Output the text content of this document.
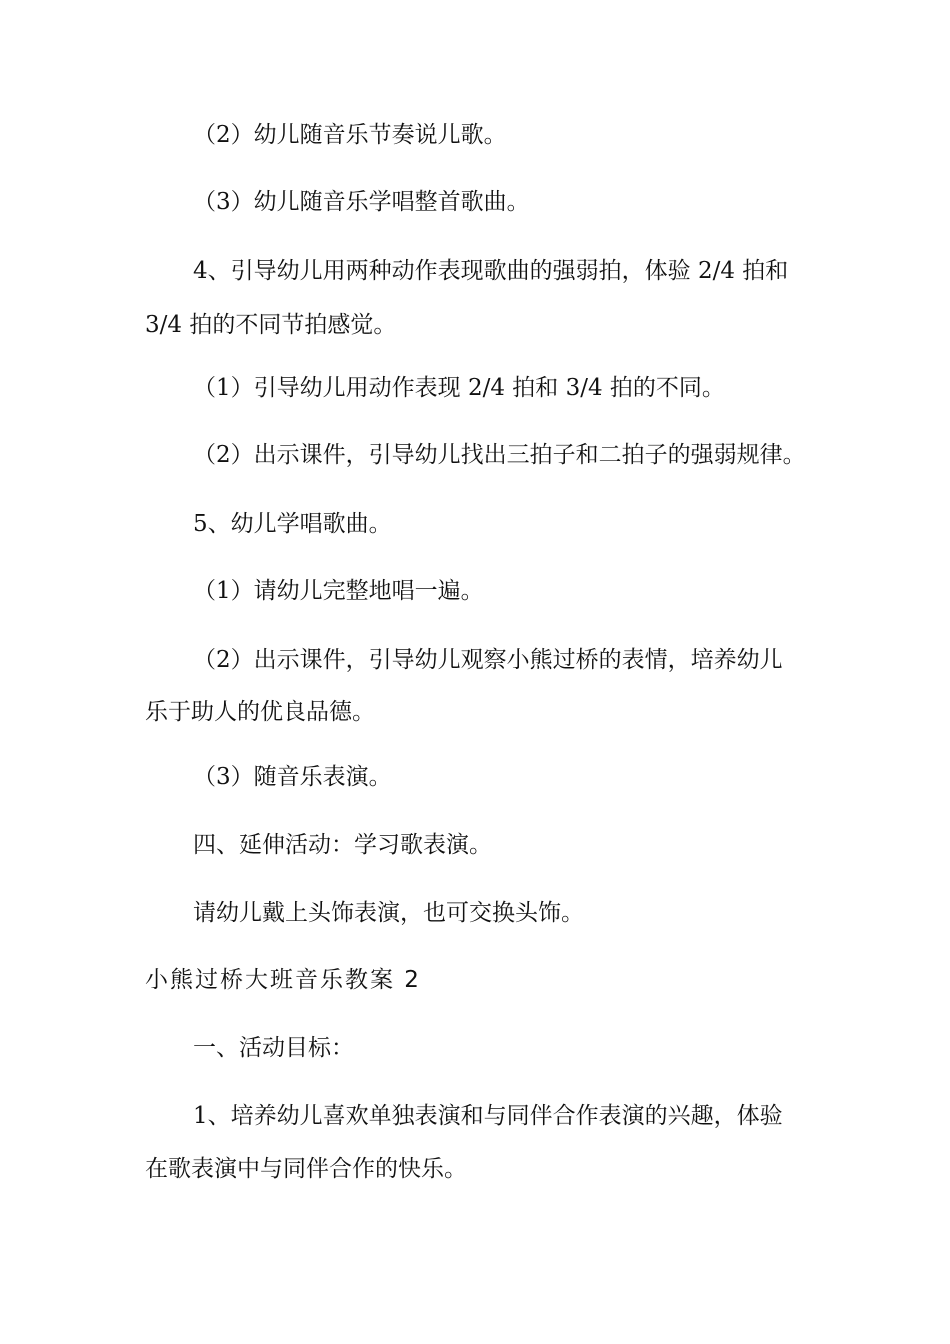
（2）幼儿随音乐节奏说儿歌。
（3）幼儿随音乐学唱整首歌曲。
4、引导幼儿用两种动作表现歌曲的强弱拍，体验 2/4 拍和
3/4 拍的不同节拍感觉。
（1）引导幼儿用动作表现 2/4 拍和 3/4 拍的不同。
（2）出示课件，引导幼儿找出三拍子和二拍子的强弱规律。
5、幼儿学唱歌曲。
（1）请幼儿完整地唱一遍。
（2）出示课件，引导幼儿观察小熊过桥的表情，培养幼儿
乐于助人的优良品德。
（3）随音乐表演。
四、延伸活动：学习歌表演。
请幼儿戴上头饰表演，也可交换头饰。
小熊过桥大班音乐教案 2
一、活动目标：
1、培养幼儿喜欢单独表演和与同伴合作表演的兴趣，体验
在歌表演中与同伴合作的快乐。
